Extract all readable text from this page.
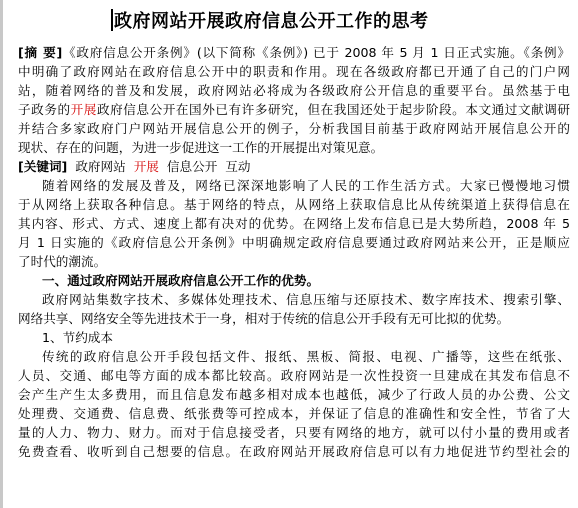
政府网站开展政府信息公开工作的思考
[摘 要]《政府信息公开条例》(以下简称《条例》) 已于 2008 年 5 月 1 日正式实施。《条例》
中明确了政府网站在政府信息公开中的职责和作用。现在各级政府都已开通了自己的门户网
站，随着网络的普及和发展，政府网站必将成为各级政府公开信息的重要平台。虽然基于电
子政务的开展政府信息公开在国外已有许多研究，但在我国还处于起步阶段。本文通过文献调研
并结合多家政府门户网站开展信息公开的例子，分析我国目前基于政府网站开展信息公开的
现状、存在的问题，为进一步促进这一工作的开展提出对策见意。
[关键词] 政府网站 开展 信息公开 互动
随着网络的发展及普及，网络已深深地影响了人民的工作生活方式。大家已慢慢地习惯
于从网络上获取各种信息。基于网络的特点，从网络上获取信息比从传统渠道上获得信息在
其内容、形式、方式、速度上都有决对的优势。在网络上发布信息已是大势所趋，2008 年 5
月 1 日实施的《政府信息公开条例》中明确规定政府信息要通过政府网站来公开，正是顺应
了时代的潮流。
一、通过政府网站开展政府信息公开工作的优势。
政府网站集数字技术、多媒体处理技术、信息压缩与还原技术、数字库技术、搜索引擎、
网络共享、网络安全等先进技术于一身，相对于传统的信息公开手段有无可比拟的优势。
1、节约成本
传统的政府信息公开手段包括文件、报纸、黑板、简报、电视、广播等，这些在纸张、
人员、交通、邮电等方面的成本都比较高。政府网站是一次性投资一旦建成在其发布信息不
会产生产生太多费用，而且信息发布越多相对成本也越低，减少了行政人员的办公费、公文
处理费、交通费、信息费、纸张费等可控成本，并保证了信息的准确性和安全性，节省了大
量的人力、物力、财力。而对于信息接受者，只要有网络的地方，就可以付小量的费用或者
免费查看、收听到自己想要的信息。在政府网站开展政府信息可以有力地促进节约型社会的
